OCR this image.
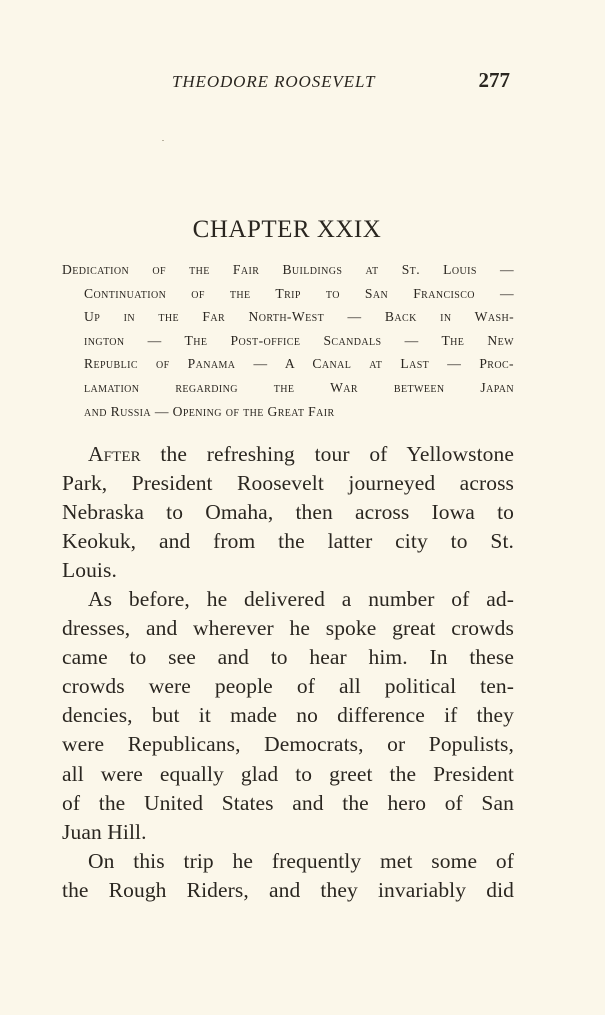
THEODORE ROOSEVELT	277
CHAPTER XXIX
Dedication of the Fair Buildings at St. Louis —
Continuation of the Trip to San Francisco —
Up in the Far North-West — Back in Wash-
ington — The Post-office Scandals — The New
Republic of Panama — A Canal at Last — Proc-
lamation regarding the War between Japan
and Russia — Opening of the Great Fair
After the refreshing tour of Yellowstone
Park, President Roosevelt journeyed across
Nebraska to Omaha, then across Iowa to
Keokuk, and from the latter city to St.
Louis.
As before, he delivered a number of ad-
dresses, and wherever he spoke great crowds
came to see and to hear him. In these
crowds were people of all political ten-
dencies, but it made no difference if they
were Republicans, Democrats, or Populists,
all were equally glad to greet the President
of the United States and the hero of San
Juan Hill.
On this trip he frequently met some of
the Rough Riders, and they invariably did
